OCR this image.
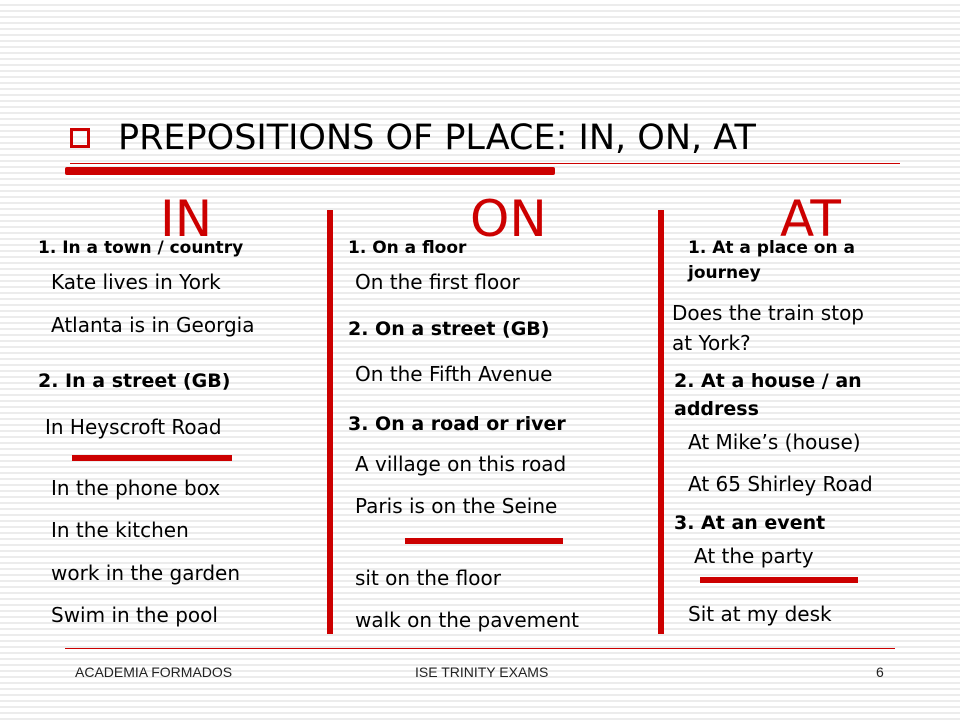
PREPOSITIONS OF PLACE: IN, ON, AT
IN	ON	AT
1. In a town / country
Kate lives in York
Atlanta is in Georgia
2. In a street (GB)
In Heyscroft Road
In the phone box
In the kitchen
work in the garden
Swim in the pool
1. On a floor
On the first floor
2. On a street (GB)
On the Fifth Avenue
3. On a road or river
A village on this road
Paris is on the Seine
sit on the floor
walk on the pavement
1. At a place on a
journey
Does the train stop
at York?
2. At a house / an
address
At Mike’s (house)
At 65 Shirley Road
3. At an event
At the party
Sit at my desk
ACADEMIA FORMADOS	ISE TRINITY EXAMS	6
